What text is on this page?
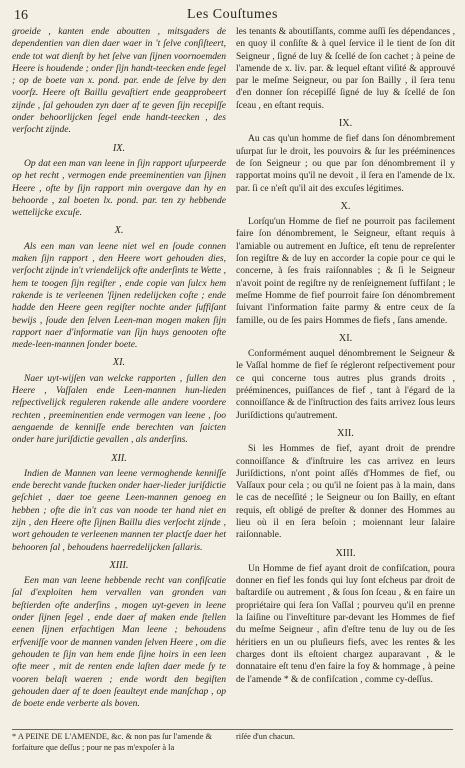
16	Les Couſtumes

groeide , kanten ende aboutten , mitsgaders de dependentien van dien daer waer in 't ſelve conſiſteert, ende tot wat dienſt by het ſelve van ſijnen voornoemden Heere is houdende ; onder ſijn handt-teecken ende ſegel ; op de boete van x. pond. par. ende de ſelve by den voorſz. Heere oft Baillu gevaſtiert ende geapprobeert zijnde , ſal gehouden zyn daer af te geven ſijn recepiſſe onder behoorlijcken ſegel ende handt-teecken , des verſocht zijnde.

IX.

Op dat een man van leene in ſijn rapport uſurpeerde op het recht , vermogen ende preeminentien van ſijnen Heere , ofte by ſijn rapport min overgave dan hy en behoorde , zal boeten lx. pond. par. ten zy hebbende wettelijcke excuſe.

X.

Als een man van leene niet wel en ſoude connen maken ſijn rapport , den Heere wort gehouden dies, verſocht zijnde in't vriendelijck ofte anderſints te Wette , hem te toogen ſijn regiſter , ende copie van ſulcx hem rakende is te verleenen 'ſijnen redelijcken coſte ; ende hadde den Heere geen regiſter nochte ander ſuffiſant bewijs , ſoude den ſelven Leen-man mogen maken ſijn rapport naer d'informatie van ſijn huys genooten ofte mede-leen-mannen ſonder boete.

XI.

Naer uyt-wijſen van welcke rapporten , ſullen den Heere , Vaſſalen ende Leen-mannen hun-lieden reſpectivelijck reguleren rakende alle andere voordere rechten , preeminentien ende vermogen van leene , ſoo aengaende de kenniſſe ende berechten van ſaicten onder hare juriſdictie gevallen , als anderſins.

XII.

Indien de Mannen van leene vermoghende kenniſſe ende berecht vande ſtucken onder haer-lieder juriſdictie geſchiet , daer toe geene Leen-mannen genoeg en hebben ; ofte die in't cas van noode ter hand niet en zijn , den Heere ofte ſijnen Baillu dies verſocht zijnde , wort gehouden te verleenen mannen ter plactſe daer het behooren ſal , behoudens haerredelijcken ſallaris.

XIII.

Een man van leene hebbende recht van confiſcatie ſal d'exploiten hem vervallen van gronden van beſtierden ofte anderſins , mogen uyt-geven in leene onder ſijnen ſegel , ende daer af maken ende ſtellen eenen ſijnen erfachtigen Man leene ; behoudens erfveniſſe voor de mannen vanden ſelven Heere , om die gehouden te ſijn van hem ende ſijne hoirs in een leen ofte meer , mit de renten ende laſten daer mede ſy te vooren belaſt waeren ; ende wordt den begiſten gehouden daer af te doen ſeaulteyt ende manſchap , op de boete ende verberte als boven.

les tenants & aboutiſſants, comme auſſi ſes dépendances , en quoy il conſiſte & à quel ſervice il le tient de ſon dit Seigneur , ſigné de luy & ſcellé de ſon cachet ; à peine de l'amende de x. liv. par. & lequel eſtant viſité & approuvé par le meſme Seigneur, ou par ſon Bailly , il ſera tenu d'en donner ſon récepiſſé ſigné de luy & ſcellé de ſon ſceau , en eſtant requis.

IX.

Au cas qu'un homme de fief dans ſon dénombrement uſurpat ſur le droit, les pouvoirs & ſur les prééminences de ſon Seigneur ; ou que par ſon dénombrement il y rapportat moins qu'il ne devoit , il ſera en l'amende de lx. par. ſi ce n'eſt qu'il ait des excuſes légitimes.

X.

Lorſqu'un Homme de fief ne pourroit pas facilement faire ſon dénombrement, le Seigneur, eſtant requis à l'amiable ou autrement en Juſtice, eſt tenu de repreſenter ſon regiſtre & de luy en accorder la copie pour ce qui le concerne, à ſes frais raiſonnables ; & ſi le Seigneur n'avoit point de regiſtre ny de renſeignement ſuffiſant ; le meſme Homme de fief pourroit faire ſon dénombrement ſuivant l'information faite parmy & entre ceux de ſa famille, ou de ſes pairs Hommes de fiefs , ſans amende.

XI.

Conformément auquel dénombrement le Seigneur & le Vaſſal homme de fief ſe régleront reſpectivement pour ce qui concerne tous autres plus grands droits , prééminences, puiſſances de fief , tant à l'égard de la connoiſſance & de l'inſtruction des faits arrivez ſous leurs Juriſdictions qu'autrement.

XII.

Si les Hommes de fief, ayant droit de prendre connoiſſance & d'inſtruire les cas arrivez en leurs Juriſdictions, n'ont point aſſés d'Hommes de fief, ou Vaſſaux pour cela ; ou qu'il ne ſoient pas à la main, dans le cas de neceſſité ; le Seigneur ou ſon Bailly, en eſtant requis, eſt obligé de preſter & donner des Hommes au lieu où il en ſera beſoin ; moiennant leur ſalaire raiſonnable.

XIII.

Un Homme de fief ayant droit de confiſcation, poura donner en fief les fonds qui luy ſont eſcheus par droit de baſtardiſe ou autrement , & ſous ſon ſceau , & en faire un propriétaire qui ſera ſon Vaſſal ; pourveu qu'il en prenne la ſaiſine ou l'inveſtiture par-devant les Hommes de fief du meſme Seigneur , afin d'eſtre tenu de luy ou de ſes héritiers en un ou pluſieurs fiefs, avec les rentes & les charges dont ils eſtoient chargez auparavant , & le donnataire eſt tenu d'en faire la foy & hommage , à peine de l'amende * & de confiſcation , comme cy-deſſus.

* A PEINE DE L'AMENDE, &c. & non pas ſur l'amende & forfaiture que deſſus ; pour ne pas m'expoſer à la
riſée d'un chacun.
